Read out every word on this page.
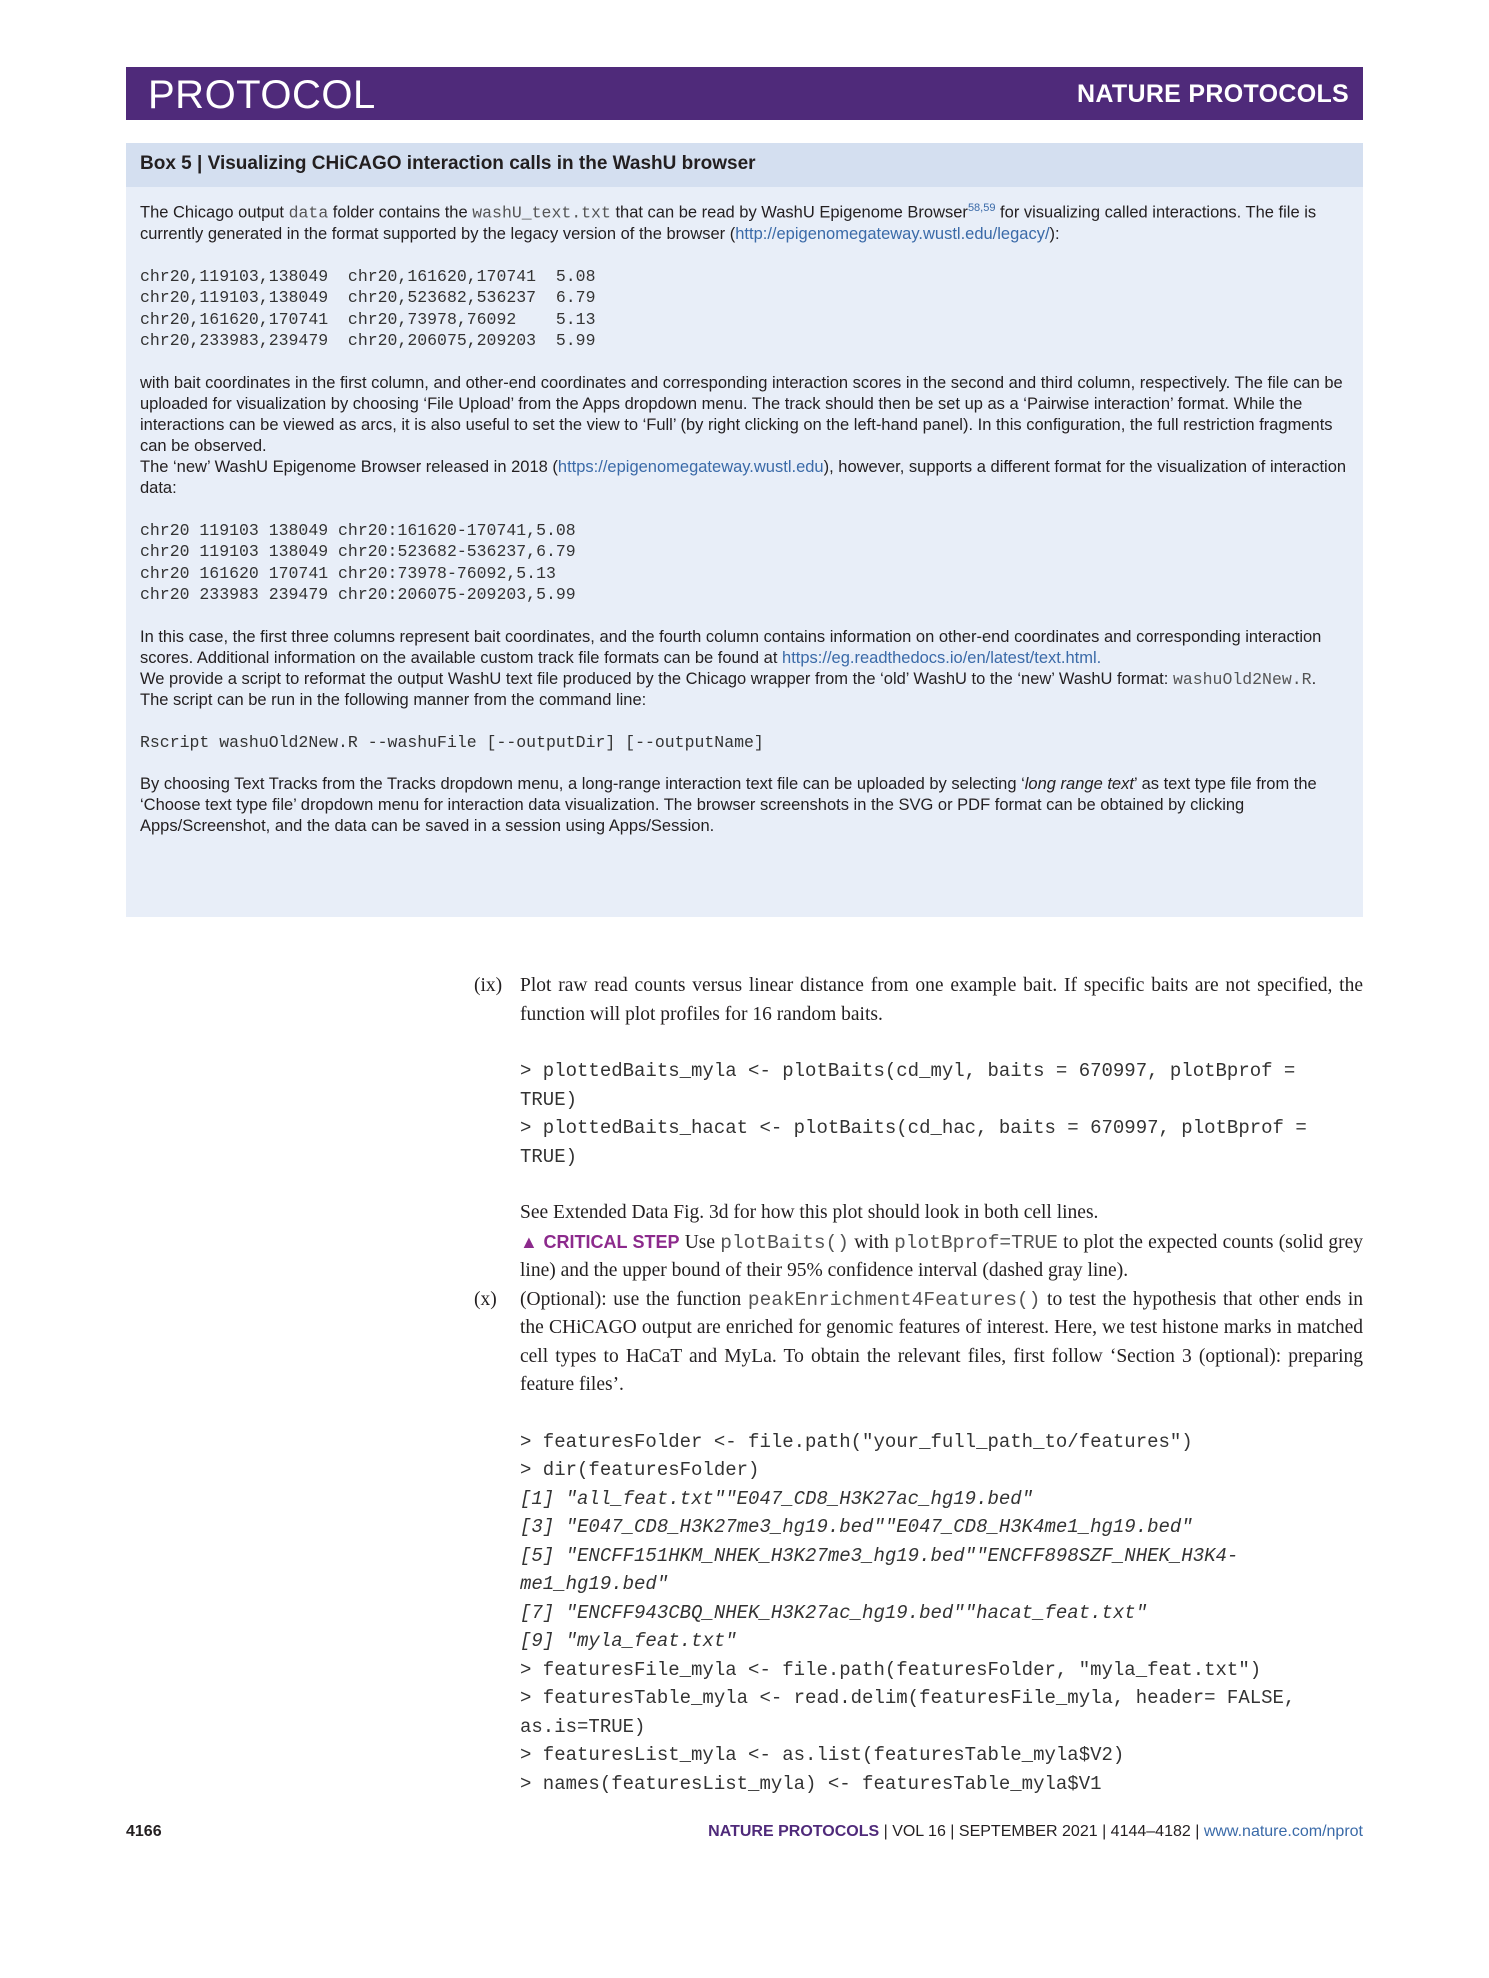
PROTOCOL	NATURE PROTOCOLS
Box 5 | Visualizing CHiCAGO interaction calls in the WashU browser

The Chicago output data folder contains the washU_text.txt that can be read by WashU Epigenome Browser$^{58,59}$ for visualizing called interactions. The file is currently generated in the format supported by the legacy version of the browser (http://epigenomegateway.wustl.edu/legacy/):

chr20,119103,138049  chr20,161620,170741  5.08
chr20,119103,138049  chr20,523682,536237  6.79
chr20,161620,170741  chr20,73978,76092    5.13
chr20,233983,239479  chr20,206075,209203  5.99

with bait coordinates in the first column, and other-end coordinates and corresponding interaction scores in the second and third column, respectively. The file can be uploaded for visualization by choosing ‘File Upload’ from the Apps dropdown menu. The track should then be set up as a ‘Pairwise interaction’ format. While the interactions can be viewed as arcs, it is also useful to set the view to ‘Full’ (by right clicking on the left-hand panel). In this configuration, the full restriction fragments can be observed.

The ‘new’ WashU Epigenome Browser released in 2018 (https://epigenomegateway.wustl.edu), however, supports a different format for the visualization of interaction data:

chr20 119103 138049 chr20:161620-170741,5.08
chr20 119103 138049 chr20:523682-536237,6.79
chr20 161620 170741 chr20:73978-76092,5.13
chr20 233983 239479 chr20:206075-209203,5.99

In this case, the first three columns represent bait coordinates, and the fourth column contains information on other-end coordinates and corresponding interaction scores. Additional information on the available custom track file formats can be found at https://eg.readthedocs.io/en/latest/text.html.

We provide a script to reformat the output WashU text file produced by the Chicago wrapper from the ‘old’ WashU to the ‘new’ WashU format: washuOld2New.R. The script can be run in the following manner from the command line:

Rscript washuOld2New.R --washuFile [--outputDir] [--outputName]

By choosing Text Tracks from the Tracks dropdown menu, a long-range interaction text file can be uploaded by selecting ‘long range text’ as text type file from the ‘Choose text type file’ dropdown menu for interaction data visualization. The browser screenshots in the SVG or PDF format can be obtained by clicking Apps/Screenshot, and the data can be saved in a session using Apps/Session.

(ix) Plot raw read counts versus linear distance from one example bait. If specific baits are not specified, the function will plot profiles for 16 random baits.

> plottedBaits_myla <- plotBaits(cd_myl, baits = 670997, plotBprof = TRUE)
> plottedBaits_hacat <- plotBaits(cd_hac, baits = 670997, plotBprof = TRUE)

See Extended Data Fig. 3d for how this plot should look in both cell lines.

▲ CRITICAL STEP Use plotBaits() with plotBprof=TRUE to plot the expected counts (solid grey line) and the upper bound of their 95% confidence interval (dashed gray line).

(x) (Optional): use the function peakEnrichment4Features() to test the hypothesis that other ends in the CHiCAGO output are enriched for genomic features of interest. Here, we test histone marks in matched cell types to HaCaT and MyLa. To obtain the relevant files, first follow ‘Section 3 (optional): preparing feature files’.

> featuresFolder <- file.path("your_full_path_to/features")
> dir(featuresFolder)
[1] "all_feat.txt""E047_CD8_H3K27ac_hg19.bed"
[3] "E047_CD8_H3K27me3_hg19.bed""E047_CD8_H3K4me1_hg19.bed"
[5] "ENCFF151HKM_NHEK_H3K27me3_hg19.bed""ENCFF898SZF_NHEK_H3K4-me1_hg19.bed"
[7] "ENCFF943CBQ_NHEK_H3K27ac_hg19.bed""hacat_feat.txt"
[9] "myla_feat.txt"
> featuresFile_myla <- file.path(featuresFolder, "myla_feat.txt")
> featuresTable_myla <- read.delim(featuresFile_myla, header= FALSE, as.is=TRUE)
> featuresList_myla <- as.list(featuresTable_myla$V2)
> names(featuresList_myla) <- featuresTable_myla$V1
4166	NATURE PROTOCOLS | VOL 16 | SEPTEMBER 2021 | 4144–4182 | www.nature.com/nprot
